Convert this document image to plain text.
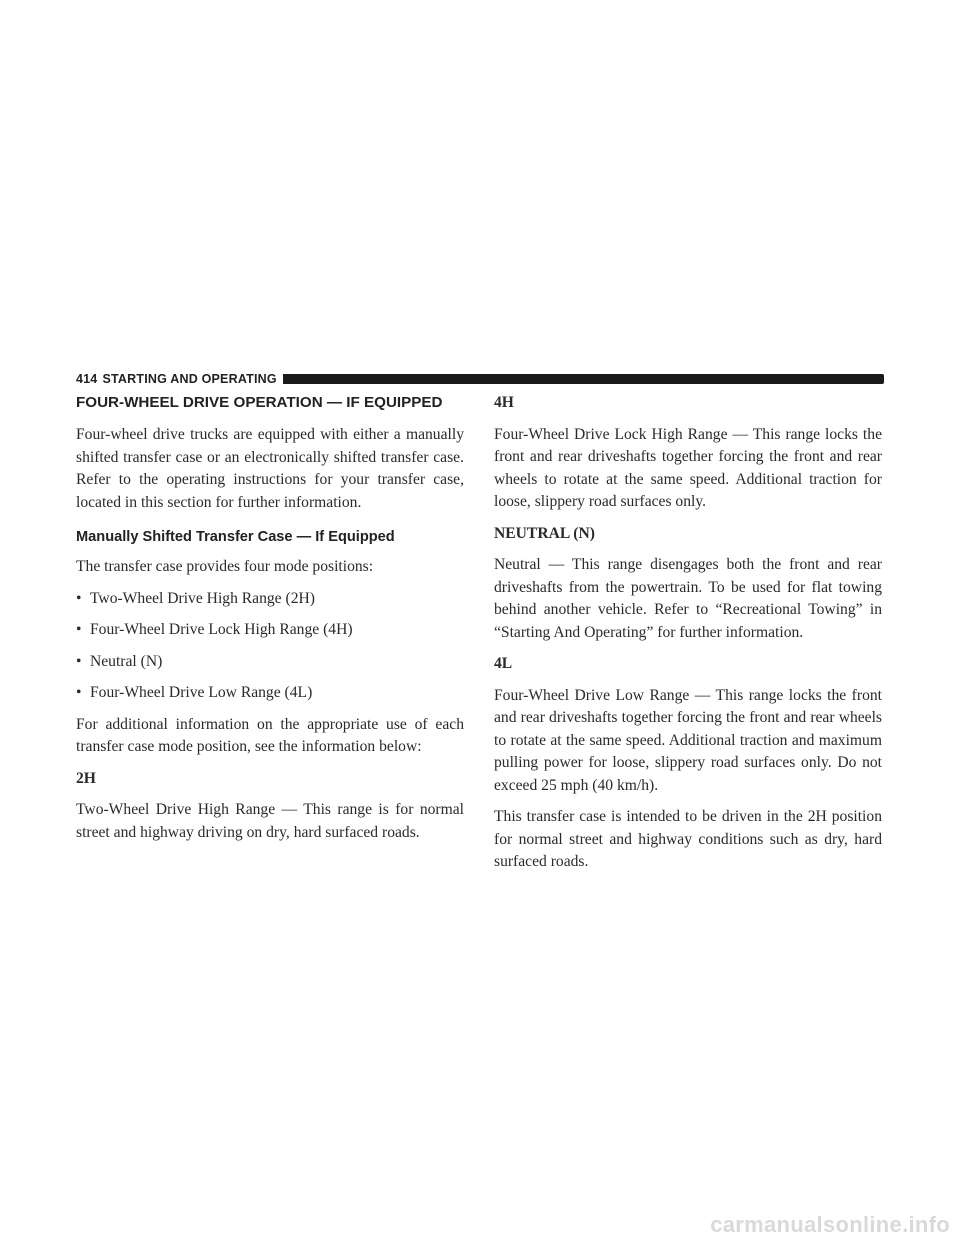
414 STARTING AND OPERATING
FOUR-WHEEL DRIVE OPERATION — IF EQUIPPED

Four-wheel drive trucks are equipped with either a manually shifted transfer case or an electronically shifted transfer case. Refer to the operating instructions for your transfer case, located in this section for further information.

Manually Shifted Transfer Case — If Equipped

The transfer case provides four mode positions:

• Two-Wheel Drive High Range (2H)
• Four-Wheel Drive Lock High Range (4H)
• Neutral (N)
• Four-Wheel Drive Low Range (4L)

For additional information on the appropriate use of each transfer case mode position, see the information below:

2H

Two-Wheel Drive High Range — This range is for normal street and highway driving on dry, hard surfaced roads.

4H

Four-Wheel Drive Lock High Range — This range locks the front and rear driveshafts together forcing the front and rear wheels to rotate at the same speed. Additional traction for loose, slippery road surfaces only.

NEUTRAL (N)

Neutral — This range disengages both the front and rear driveshafts from the powertrain. To be used for flat towing behind another vehicle. Refer to “Recreational Towing” in “Starting And Operating” for further information.

4L

Four-Wheel Drive Low Range — This range locks the front and rear driveshafts together forcing the front and rear wheels to rotate at the same speed. Additional traction and maximum pulling power for loose, slippery road surfaces only. Do not exceed 25 mph (40 km/h).

This transfer case is intended to be driven in the 2H position for normal street and highway conditions such as dry, hard surfaced roads.

carmanualsonline.info
